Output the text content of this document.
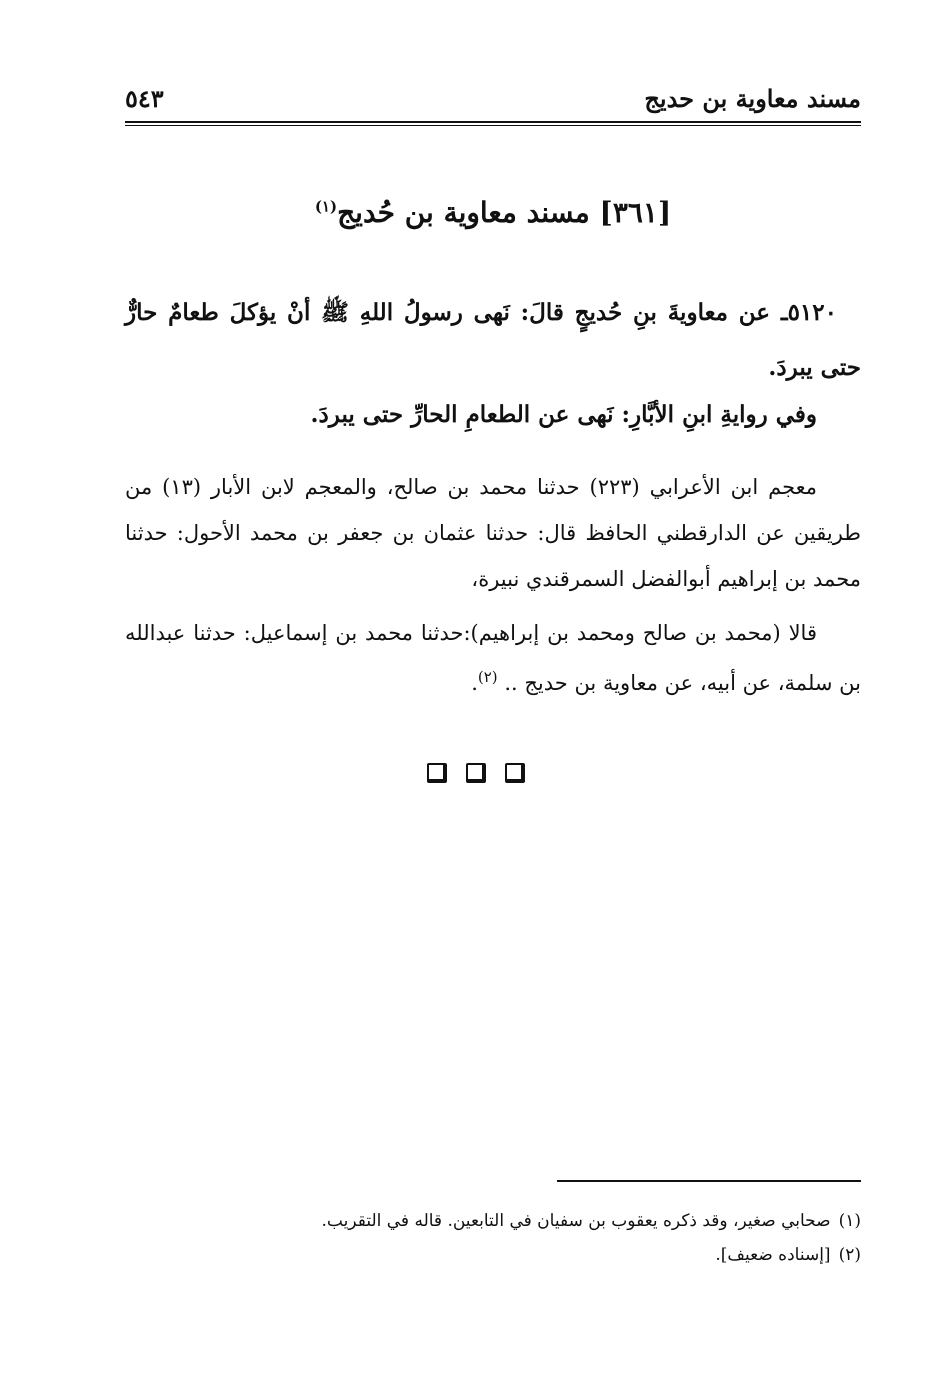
مسند معاوية بن حديج
٥٤٣
[٣٦١] مسند معاوية بن حُديج$^{(١)}$

٥١٢٠ـ عن معاويةَ بنِ حُديجٍ قالَ: نَهى رسولُ اللهِ ﷺ أنْ يؤكلَ طعامٌ حارٌّ حتى يبردَ.

وفي روايةِ ابنِ الأبَّارِ: نَهى عن الطعامِ الحارِّ حتى يبردَ.

معجم ابن الأعرابي (٢٢٣) حدثنا محمد بن صالح، والمعجم لابن الأبار (١٣) من طريقين عن الدارقطني الحافظ قال: حدثنا عثمان بن جعفر بن محمد الأحول: حدثنا محمد بن إبراهيم أبوالفضل السمرقندي نبيرة،

قالا (محمد بن صالح ومحمد بن إبراهيم):حدثنا محمد بن إسماعيل: حدثنا عبدالله بن سلمة، عن أبيه، عن معاوية بن حديج .. $^{(٢)}$.

(١)صحابي صغير، وقد ذكره يعقوب بن سفيان في التابعين. قاله في التقريب.
(٢)[إسناده ضعيف].
